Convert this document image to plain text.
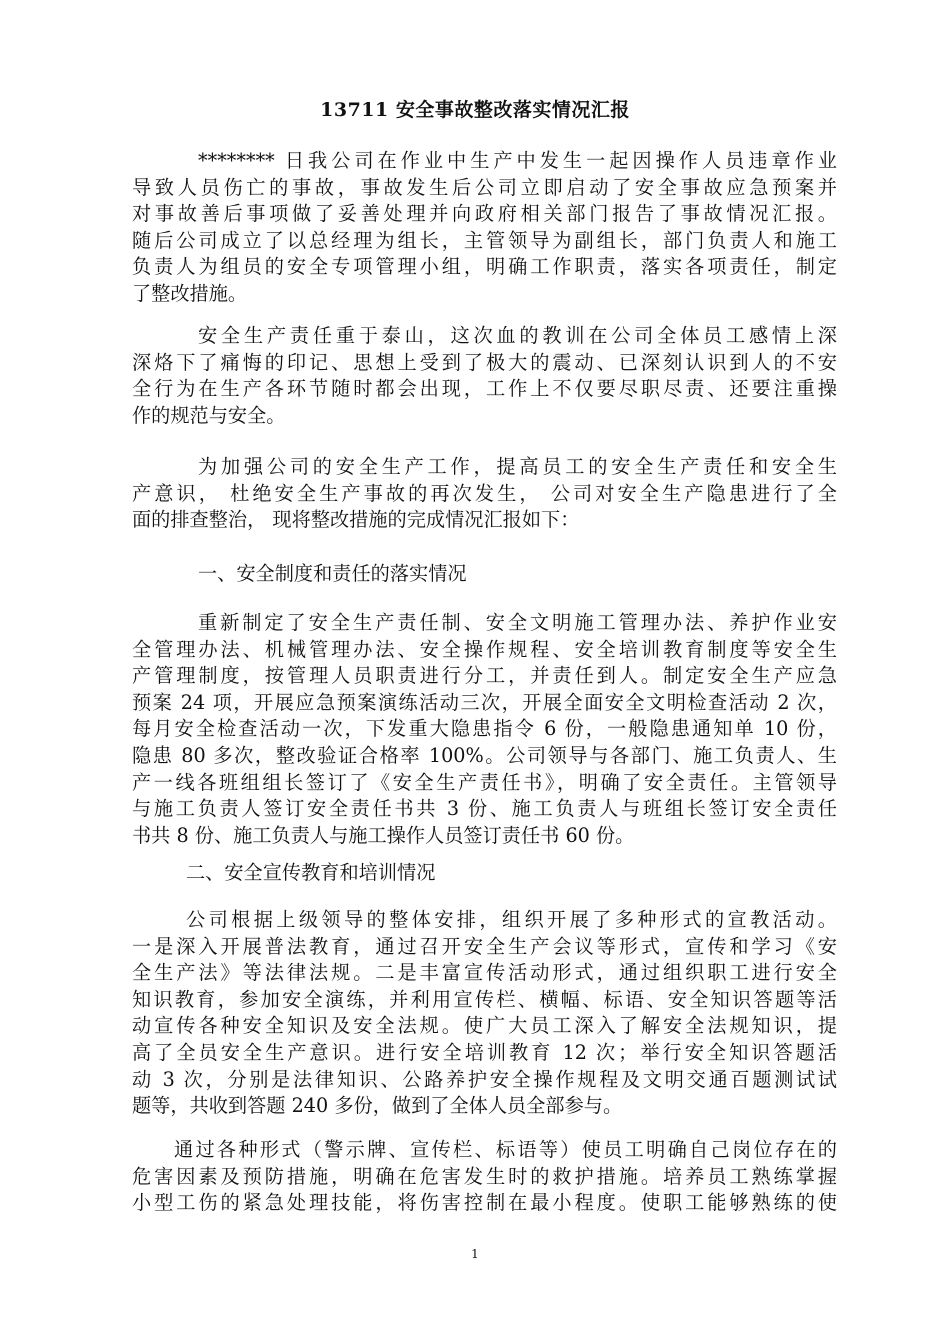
13711 安全事故整改落实情况汇报
******** 日我公司在作业中生产中发生一起因操作人员违章作业
导致人员伤亡的事故，事故发生后公司立即启动了安全事故应急预案并
对事故善后事项做了妥善处理并向政府相关部门报告了事故情况汇报。
随后公司成立了以总经理为组长，主管领导为副组长，部门负责人和施工
负责人为组员的安全专项管理小组，明确工作职责，落实各项责任，制定
了整改措施。
安全生产责任重于泰山，这次血的教训在公司全体员工感情上深
深烙下了痛悔的印记、思想上受到了极大的震动、已深刻认识到人的不安
全行为在生产各环节随时都会出现，工作上不仅要尽职尽责、还要注重操
作的规范与安全。
为加强公司的安全生产工作，提高员工的安全生产责任和安全生
产意识， 杜绝安全生产事故的再次发生， 公司对安全生产隐患进行了全
面的排查整治， 现将整改措施的完成情况汇报如下：
一、安全制度和责任的落实情况
重新制定了安全生产责任制、安全文明施工管理办法、养护作业安
全管理办法、机械管理办法、安全操作规程、安全培训教育制度等安全生
产管理制度，按管理人员职责进行分工，并责任到人。制定安全生产应急
预案 24 项，开展应急预案演练活动三次，开展全面安全文明检查活动 2 次，
每月安全检查活动一次，下发重大隐患指令 6 份，一般隐患通知单 10 份，
隐患 80 多次，整改验证合格率 100%。公司领导与各部门、施工负责人、生
产一线各班组组长签订了《安全生产责任书》，明确了安全责任。主管领导
与施工负责人签订安全责任书共 3 份、施工负责人与班组长签订安全责任
书共 8 份、施工负责人与施工操作人员签订责任书 60 份。
二、安全宣传教育和培训情况
公司根据上级领导的整体安排，组织开展了多种形式的宣教活动。
一是深入开展普法教育，通过召开安全生产会议等形式，宣传和学习《安
全生产法》等法律法规。二是丰富宣传活动形式，通过组织职工进行安全
知识教育，参加安全演练，并利用宣传栏、横幅、标语、安全知识答题等活
动宣传各种安全知识及安全法规。使广大员工深入了解安全法规知识，提
高了全员安全生产意识。进行安全培训教育 12 次；举行安全知识答题活
动 3 次，分别是法律知识、公路养护安全操作规程及文明交通百题测试试
题等，共收到答题 240 多份，做到了全体人员全部参与。
通过各种形式（警示牌、宣传栏、标语等）使员工明确自己岗位存在的
危害因素及预防措施，明确在危害发生时的救护措施。培养员工熟练掌握
小型工伤的紧急处理技能，将伤害控制在最小程度。使职工能够熟练的使
1
